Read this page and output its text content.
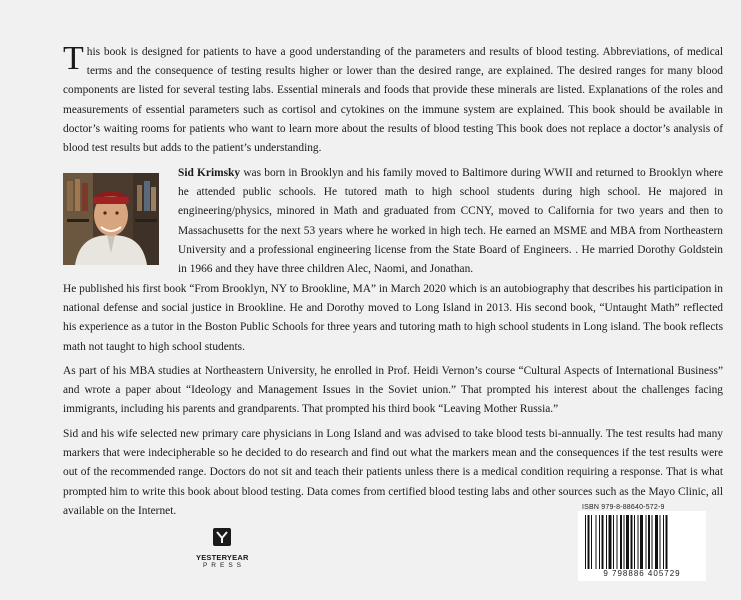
This book is designed for patients to have a good understanding of the parameters and results of blood testing. Abbreviations, of medical terms and the consequence of testing results higher or lower than the desired range, are explained. The desired ranges for many blood components are listed for several testing labs. Essential minerals and foods that provide these minerals are listed. Explanations of the roles and measurements of essential parameters such as cortisol and cytokines on the immune system are explained. This book should be available in doctor’s waiting rooms for patients who want to learn more about the results of blood testing This book does not replace a doctor’s analysis of blood test results but adds to the patient’s understanding.

Sid Krimsky was born in Brooklyn and his family moved to Baltimore during WWII and returned to Brooklyn where he attended public schools. He tutored math to high school students during high school. He majored in engineering/physics, minored in Math and graduated from CCNY, moved to California for two years and then to Massachusetts for the next 53 years where he worked in high tech. He earned an MSME and MBA from Northeastern University and a professional engineering license from the State Board of Engineers. . He married Dorothy Goldstein in 1966 and they have three children Alec, Naomi, and Jonathan.

He published his first book “From Brooklyn, NY to Brookline, MA” in March 2020 which is an autobiography that describes his participation in national defense and social justice in Brookline. He and Dorothy moved to Long Island in 2013. His second book, “Untaught Math” reflected his experience as a tutor in the Boston Public Schools for three years and tutoring math to high school students in Long island. The book reflects math not taught to high school students.

As part of his MBA studies at Northeastern University, he enrolled in Prof. Heidi Vernon’s course “Cultural Aspects of International Business” and wrote a paper about “Ideology and Management Issues in the Soviet union.” That prompted his interest about the challenges facing immigrants, including his parents and grandparents. That prompted his third book “Leaving Mother Russia.”

Sid and his wife selected new primary care physicians in Long Island and was advised to take blood tests bi-annually. The test results had many markers that were indecipherable so he decided to do research and find out what the markers mean and the consequences if the test results were out of the recommended range. Doctors do not sit and teach their patients unless there is a medical condition requiring a response. That is what prompted him to write this book about blood testing. Data comes from certified blood testing labs and other sources such as the Mayo Clinic, all available on the Internet.

YESTERYEAR
PRESS
ISBN 979-8-88640-572-9
9 798886 405729
